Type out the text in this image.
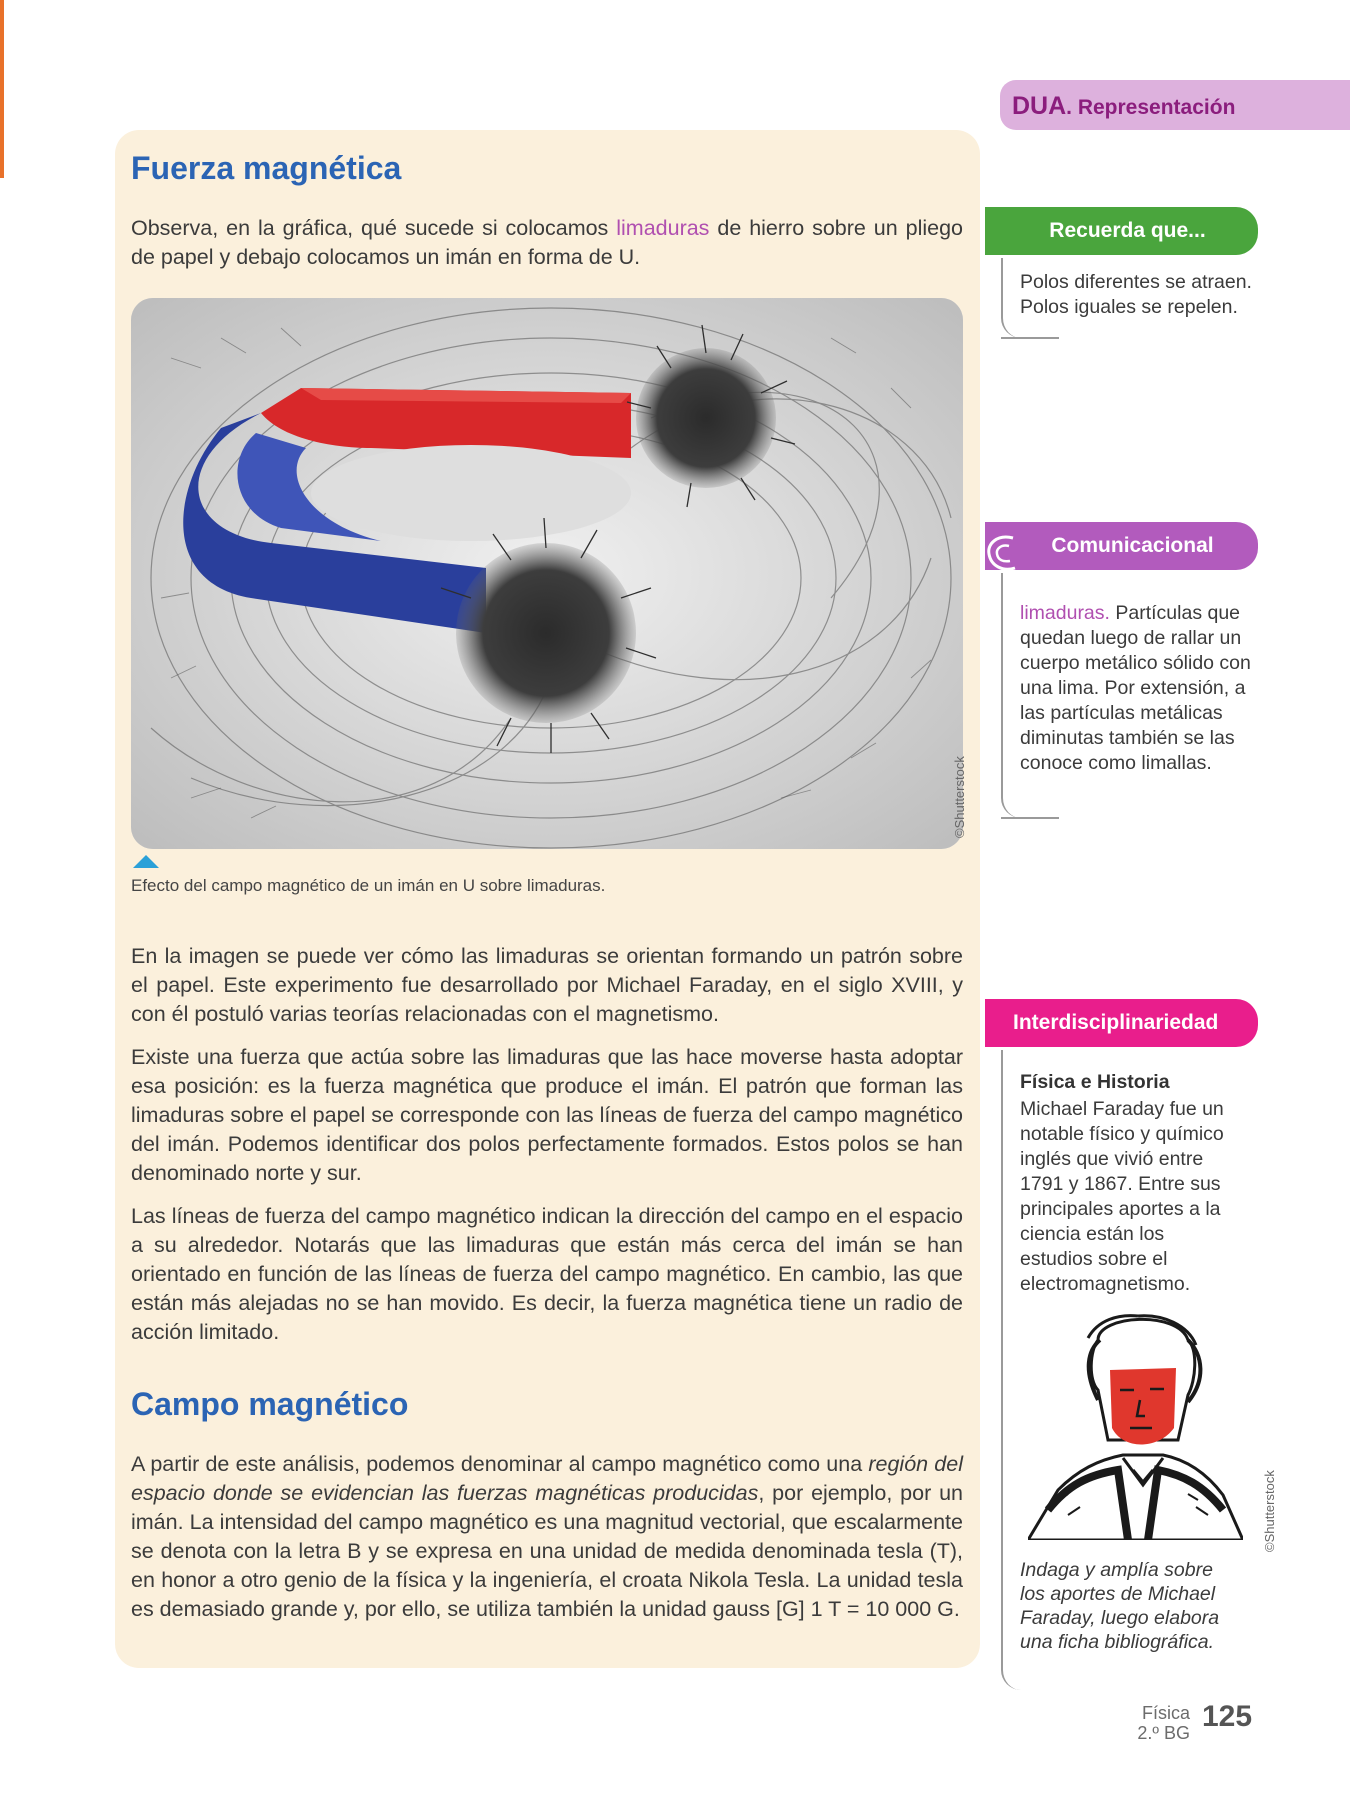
DUA. Representación
Fuerza magnética

Observa, en la gráfica, qué sucede si colocamos limaduras de hierro sobre un pliego de papel y debajo colocamos un imán en forma de U.

©Shutterstock

Efecto del campo magnético de un imán en U sobre limaduras.

En la imagen se puede ver cómo las limaduras se orientan formando un patrón sobre el papel. Este experimento fue desarrollado por Michael Faraday, en el siglo XVIII, y con él postuló varias teorías relacionadas con el magnetismo.

Existe una fuerza que actúa sobre las limaduras que las hace moverse hasta adoptar esa posición: es la fuerza magnética que produce el imán. El patrón que forman las limaduras sobre el papel se corresponde con las líneas de fuerza del campo magnético del imán. Podemos identificar dos polos perfectamente formados. Estos polos se han denominado norte y sur.

Las líneas de fuerza del campo magnético indican la dirección del campo en el espacio a su alrededor. Notarás que las limaduras que están más cerca del imán se han orientado en función de las líneas de fuerza del campo magnético. En cambio, las que están más alejadas no se han movido. Es decir, la fuerza magnética tiene un radio de acción limitado.

Campo magnético

A partir de este análisis, podemos denominar al campo magnético como una región del espacio donde se evidencian las fuerzas magnéticas producidas, por ejemplo, por un imán. La intensidad del campo magnético es una magnitud vectorial, que escalarmente se denota con la letra B y se expresa en una unidad de medida denominada tesla (T), en honor a otro genio de la física y la ingeniería, el croata Nikola Tesla. La unidad tesla es demasiado grande y, por ello, se utiliza también la unidad gauss [G] 1 T = 10 000 G.

Recuerda que...

Polos diferentes se atraen.

Polos iguales se repelen.

Comunicacional

limaduras. Partículas que quedan luego de rallar un cuerpo metálico sólido con una lima. Por extensión, a las partículas metálicas diminutas también se las conoce como limallas.

Interdisciplinariedad

Física e Historia

Michael Faraday fue un notable físico y químico inglés que vivió entre 1791 y 1867. Entre sus principales aportes a la ciencia están los estudios sobre el electromagnetismo.

Indaga y amplía sobre los aportes de Michael Faraday, luego elabora una ficha bibliográfica.

©Shutterstock
Física
2.º BG 125
